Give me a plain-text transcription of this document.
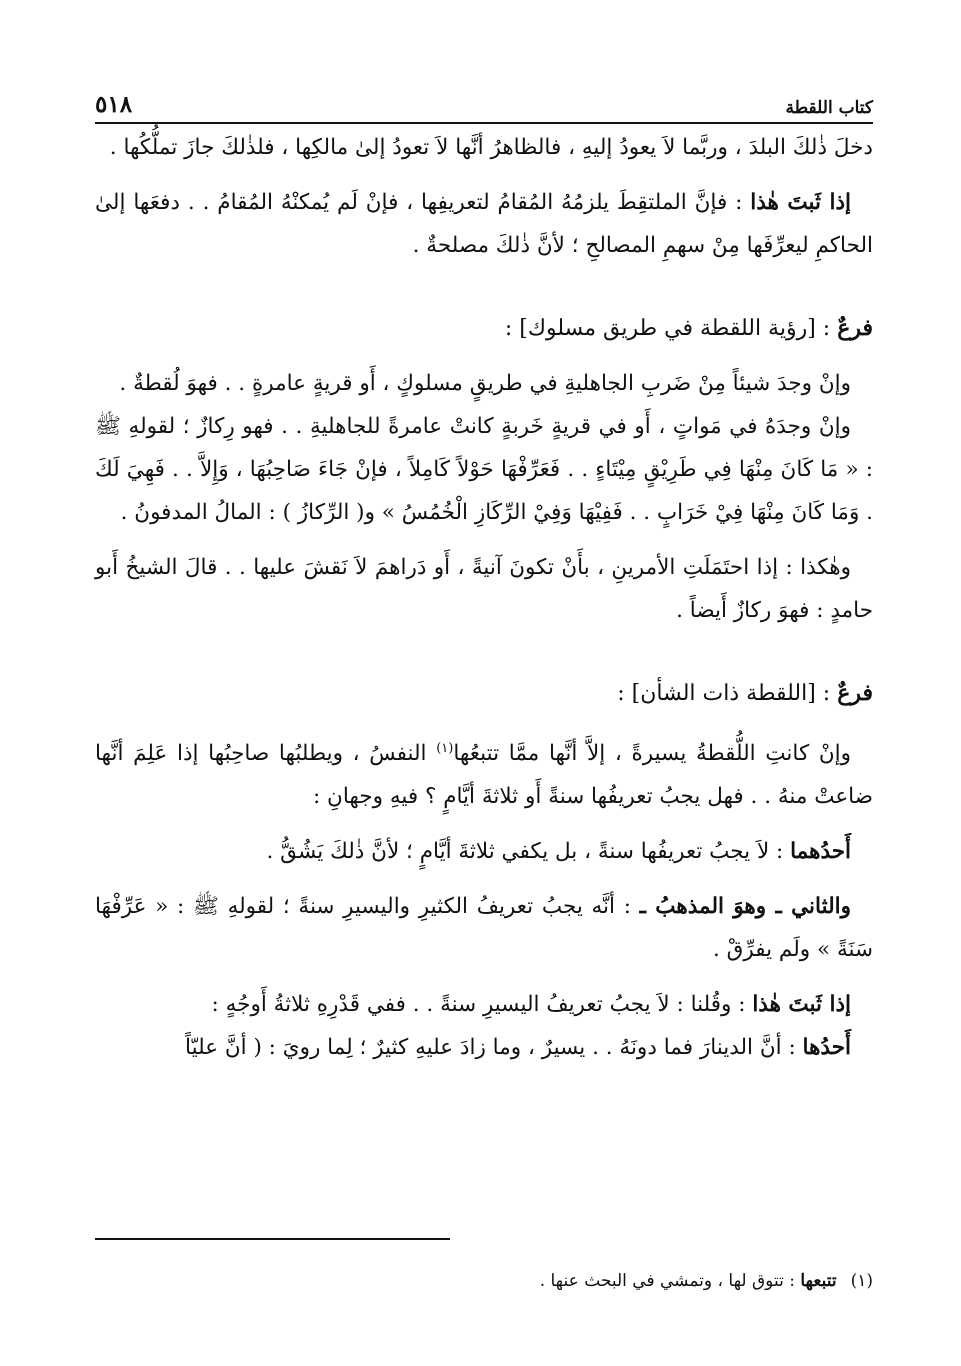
كتاب اللقطة
٥١٨

دخلَ ذٰلكَ البلدَ ، وربَّما لاَ يعودُ إليهِ ، فالظاهرُ أنَّها لاَ تعودُ إلىٰ مالكِها ، فلذٰلكَ جازَ تملُّكُها .

إذا ثَبتَ هٰذا : فإنَّ الملتقِطَ يلزمُهُ المُقامُ لتعريفِها ، فإنْ لَم يُمكنْهُ المُقامُ . . دفعَها إلىٰ الحاكمِ ليعرِّفَها مِنْ سهمِ المصالحِ ؛ لأنَّ ذٰلكَ مصلحةٌ .

فرعٌ : [رؤية اللقطة في طريق مسلوك] :

وإنْ وجدَ شيئاً مِنْ ضَربِ الجاهليةِ في طريقٍ مسلوكٍ ، أَو قريةٍ عامرةٍ . . فهوَ لُقطةٌ .

وإنْ وجدَهُ في مَواتٍ ، أَو في قريةٍ خَربةٍ كانتْ عامرةً للجاهليةِ . . فهو رِكازٌ ؛ لقولهِ ﷺ : « مَا كَانَ مِنْهَا فِي طَرِيْقٍ مِيْتَاءٍ . . فَعَرِّفْهَا حَوْلاً كَامِلاً ، فإنْ جَاءَ صَاحِبُهَا ، وَإِلاَّ . . فَهِيَ لَكَ . وَمَا كَانَ مِنْهَا فِيْ خَرَابٍ . . فَفِيْهَا وَفِيْ الرِّكَازِ الْخُمُسُ » و( الرِّكازُ ) : المالُ المدفونُ .

وهٰكذا : إذا احتَمَلَتِ الأمرينِ ، بأَنْ تكونَ آنيةً ، أَو دَراهمَ لاَ نَقشَ عليها . . قالَ الشيخُ أَبو حامدٍ : فهوَ ركازٌ أَيضاً .

فرعٌ : [اللقطة ذات الشأن] :

وإنْ كانتِ اللُّقطةُ يسيرةً ، إلاَّ أنَّها ممَّا تتبعُها$^{(١)}$ النفسُ ، ويطلبُها صاحِبُها إذا عَلِمَ أنَّها ضاعتْ منهُ . . فهل يجبُ تعريفُها سنةً أَو ثلاثةَ أيَّامٍ ؟ فيهِ وجهانِ :

أَحدُهما : لاَ يجبُ تعريفُها سنةً ، بل يكفي ثلاثةَ أيَّامٍ ؛ لأنَّ ذٰلكَ يَشُقُّ .

والثاني ـ وهوَ المذهبُ ـ : أنَّه يجبُ تعريفُ الكثيرِ واليسيرِ سنةً ؛ لقولهِ ﷺ : « عَرِّفْهَا سَنَةً » ولَم يفرِّقْ .

إذا ثَبتَ هٰذا : وقُلنا : لاَ يجبُ تعريفُ اليسيرِ سنةً . . ففي قَدْرِهِ ثلاثةُ أَوجُهٍ :

أَحدُها : أنَّ الدينارَ فما دونَهُ . . يسيرٌ ، وما زادَ عليهِ كثيرٌ ؛ لِما رويَ : ( أنَّ عليّاً

(١)تتبعها : تتوق لها ، وتمشي في البحث عنها .
